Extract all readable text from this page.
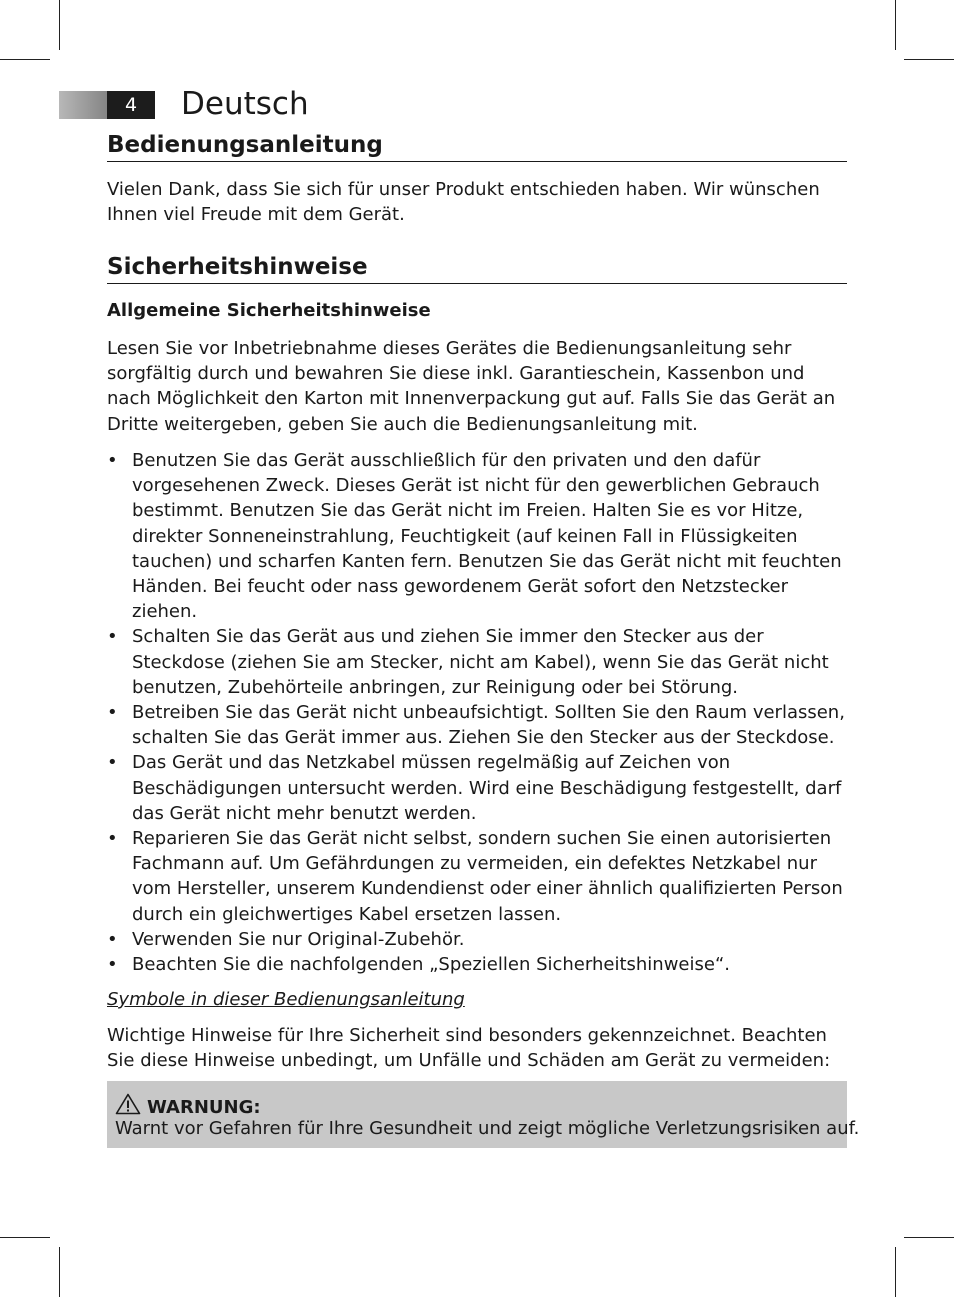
4	Deutsch
Bedienungsanleitung

Vielen Dank, dass Sie sich für unser Produkt entschieden haben. Wir wünschen Ihnen viel Freude mit dem Gerät.

Sicherheitshinweise
Allgemeine Sicherheitshinweise

Lesen Sie vor Inbetriebnahme dieses Gerätes die Bedienungsanleitung sehr sorgfältig durch und bewahren Sie diese inkl. Garantieschein, Kassenbon und nach Möglichkeit den Karton mit Innenverpackung gut auf. Falls Sie das Gerät an Dritte weitergeben, geben Sie auch die Bedienungsanleitung mit.

• Benutzen Sie das Gerät ausschließlich für den privaten und den dafür vorgesehenen Zweck. Dieses Gerät ist nicht für den gewerblichen Gebrauch bestimmt. Benutzen Sie das Gerät nicht im Freien. Halten Sie es vor Hitze, direkter Sonneneinstrahlung, Feuchtigkeit (auf keinen Fall in Flüssigkeiten tauchen) und scharfen Kanten fern. Benutzen Sie das Gerät nicht mit feuchten Händen. Bei feucht oder nass gewordenem Gerät sofort den Netzstecker ziehen.
• Schalten Sie das Gerät aus und ziehen Sie immer den Stecker aus der Steckdose (ziehen Sie am Stecker, nicht am Kabel), wenn Sie das Gerät nicht benutzen, Zubehörteile anbringen, zur Reinigung oder bei Störung.
• Betreiben Sie das Gerät nicht unbeaufsichtigt. Sollten Sie den Raum verlassen, schalten Sie das Gerät immer aus. Ziehen Sie den Stecker aus der Steckdose.
• Das Gerät und das Netzkabel müssen regelmäßig auf Zeichen von Beschädigungen untersucht werden. Wird eine Beschädigung festgestellt, darf das Gerät nicht mehr benutzt werden.
• Reparieren Sie das Gerät nicht selbst, sondern suchen Sie einen autorisierten Fachmann auf. Um Gefährdungen zu vermeiden, ein defektes Netzkabel nur vom Hersteller, unserem Kundendienst oder einer ähnlich qualifizierten Person durch ein gleichwertiges Kabel ersetzen lassen.
• Verwenden Sie nur Original-Zubehör.
• Beachten Sie die nachfolgenden „Speziellen Sicherheitshinweise“.
Symbole in dieser Bedienungsanleitung

Wichtige Hinweise für Ihre Sicherheit sind besonders gekennzeichnet. Beachten Sie diese Hinweise unbedingt, um Unfälle und Schäden am Gerät zu vermeiden:

WARNUNG:
Warnt vor Gefahren für Ihre Gesundheit und zeigt mögliche Verletzungsrisiken auf.
